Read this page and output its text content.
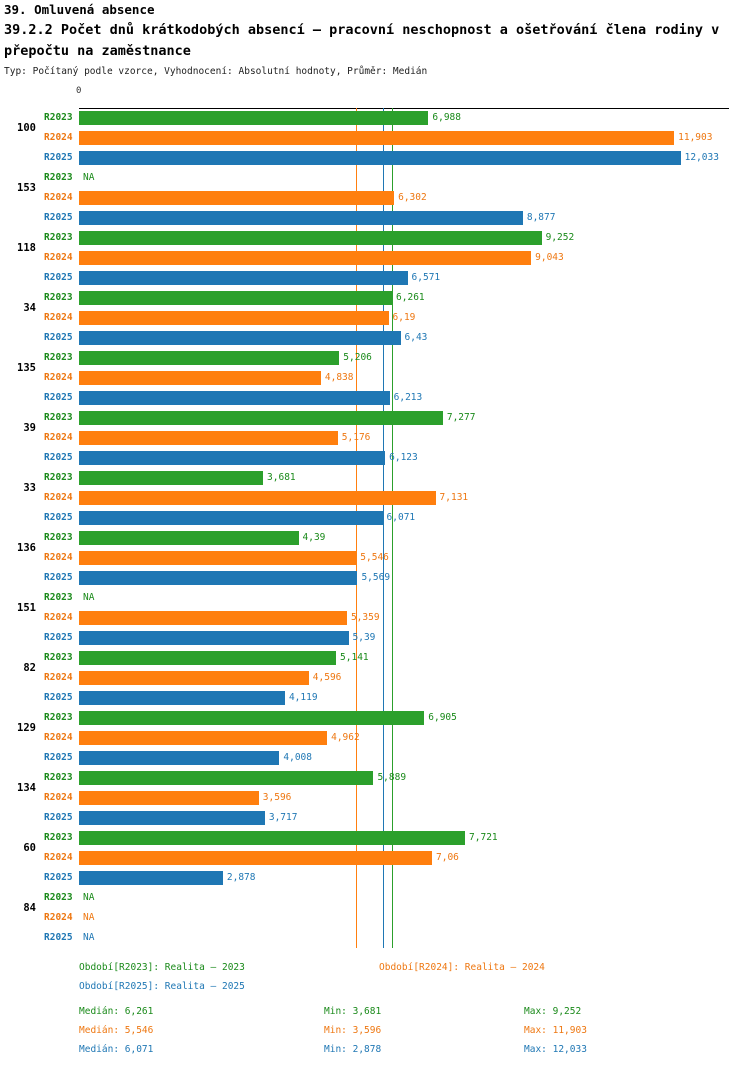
39. Omluvená absence
39.2.2 Počet dnů krátkodobých absencí – pracovní neschopnost a ošetřování člena rodiny v přepočtu na zaměstnance
Typ: Počítaný podle vzorce, Vyhodnocení: Absolutní hodnoty, Průměr: Medián
0
100
R2023	6,988
R2024	11,903
R2025	12,033
153
R2023 NA
R2024	6,302
R2025	8,877
118
R2023	9,252
R2024	9,043
R2025	6,571
34
R2023	6,261
R2024	6,19
R2025	6,43
135
R2023	5,206
R2024	4,838
R2025	6,213
39
R2023	7,277
R2024	5,176
R2025	6,123
33
R2023	3,681
R2024	7,131
R2025	6,071
136
R2023	4,39
R2024	5,546
R2025	5,569
151
R2023 NA
R2024	5,359
R2025	5,39
82
R2023	5,141
R2024	4,596
R2025	4,119
129
R2023	6,905
R2024	4,962
R2025	4,008
134
R2023	5,889
R2024	3,596
R2025	3,717
60
R2023	7,721
R2024	7,06
R2025	2,878
84
R2023 NA
R2024 NA
R2025 NA
Období[R2023]: Realita – 2023	Období[R2024]: Realita – 2024
Období[R2025]: Realita – 2025
Medián: 6,261	Min: 3,681	Max: 9,252
Medián: 5,546	Min: 3,596	Max: 11,903
Medián: 6,071	Min: 2,878	Max: 12,033
